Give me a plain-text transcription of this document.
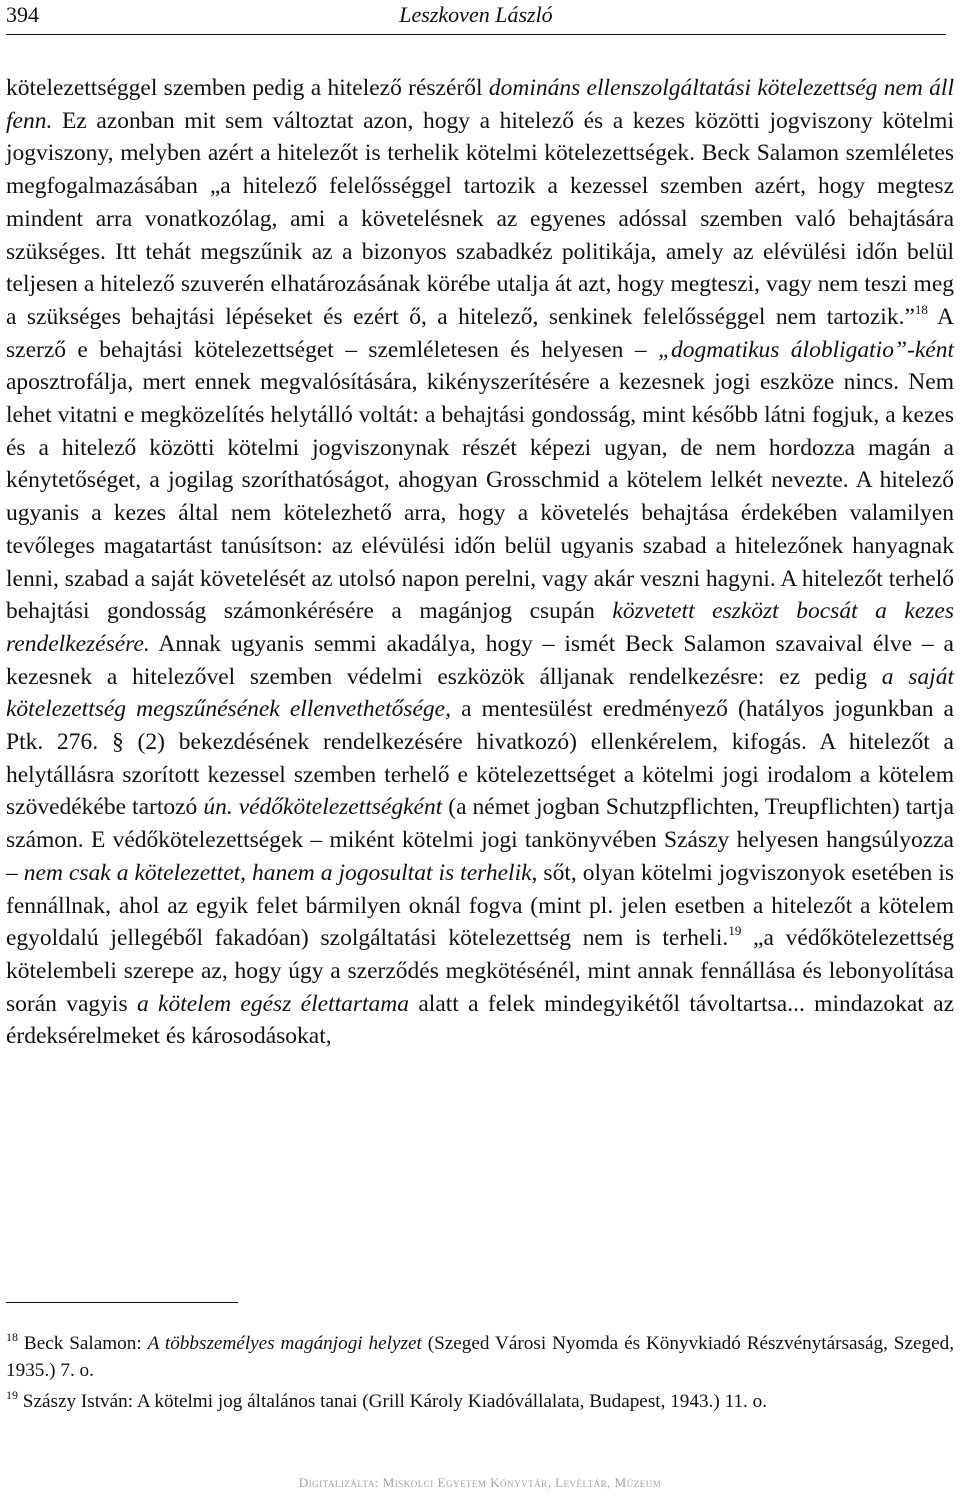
394	Leszkoven László

kötelezettséggel szemben pedig a hitelező részéről domináns ellenszolgáltatási kötelezettség nem áll fenn. Ez azonban mit sem változtat azon, hogy a hitelező és a kezes közötti jogviszony kötelmi jogviszony, melyben azért a hitelezőt is terhelik kötelmi kötelezettségek. Beck Salamon szemléletes megfogalmazásában „a hitelező felelősséggel tartozik a kezessel szemben azért, hogy megtesz mindent arra vonatkozólag, ami a követelésnek az egyenes adóssal szemben való behajtására szükséges. Itt tehát megszűnik az a bizonyos szabadkéz politikája, amely az elévülési időn belül teljesen a hitelező szuverén elhatározásának körébe utalja át azt, hogy megteszi, vagy nem teszi meg a szükséges behajtási lépéseket és ezért ő, a hitelező, senkinek felelősséggel nem tartozik.”$^{18}$ A szerző e behajtási kötelezettséget – szemléletesen és helyesen – „dogmatikus álobligatio”-ként aposztrofálja, mert ennek megvalósítására, kikényszerítésére a kezesnek jogi eszköze nincs. Nem lehet vitatni e megközelítés helytálló voltát: a behajtási gondosság, mint később látni fogjuk, a kezes és a hitelező közötti kötelmi jogviszonynak részét képezi ugyan, de nem hordozza magán a kénytetőséget, a jogilag szoríthatóságot, ahogyan Grosschmid a kötelem lelkét nevezte. A hitelező ugyanis a kezes által nem kötelezhető arra, hogy a követelés behajtása érdekében valamilyen tevőleges magatartást tanúsítson: az elévülési időn belül ugyanis szabad a hitelezőnek hanyagnak lenni, szabad a saját követelését az utolsó napon perelni, vagy akár veszni hagyni. A hitelezőt terhelő behajtási gondosság számonkérésére a magánjog csupán közvetett eszközt bocsát a kezes rendelkezésére. Annak ugyanis semmi akadálya, hogy – ismét Beck Salamon szavaival élve – a kezesnek a hitelezővel szemben védelmi eszközök álljanak rendelkezésre: ez pedig a saját kötelezettség megszűnésének ellenvethetősége, a mentesülést eredményező (hatályos jogunkban a Ptk. 276. § (2) bekezdésének rendelkezésére hivatkozó) ellenkérelem, kifogás. A hitelezőt a helytállásra szorított kezessel szemben terhelő e kötelezettséget a kötelmi jogi irodalom a kötelem szövedékébe tartozó ún. védőkötelezettségként (a német jogban Schutzpflichten, Treupflichten) tartja számon. E védőkötelezettségek – miként kötelmi jogi tankönyvében Szászy helyesen hangsúlyozza – nem csak a kötelezettet, hanem a jogosultat is terhelik, sőt, olyan kötelmi jogviszonyok esetében is fennállnak, ahol az egyik felet bármilyen oknál fogva (mint pl. jelen esetben a hitelezőt a kötelem egyoldalú jellegéből fakadóan) szolgáltatási kötelezettség nem is terheli.$^{19}$ „a védőkötelezettség kötelembeli szerepe az, hogy úgy a szerződés megkötésénél, mint annak fennállása és lebonyolítása során vagyis a kötelem egész élettartama alatt a felek mindegyikétől távoltartsa... mindazokat az érdeksérelmeket és károsodásokat,

$^{18}$ Beck Salamon: A többszemélyes magánjogi helyzet (Szeged Városi Nyomda és Könyvkiadó Részvénytársaság, Szeged, 1935.) 7. o.

$^{19}$ Szászy István: A kötelmi jog általános tanai (Grill Károly Kiadóvállalata, Budapest, 1943.) 11. o.

Digitalizálta: Miskolci Egyetem Könyvtár, Levéltár, Múzeum
